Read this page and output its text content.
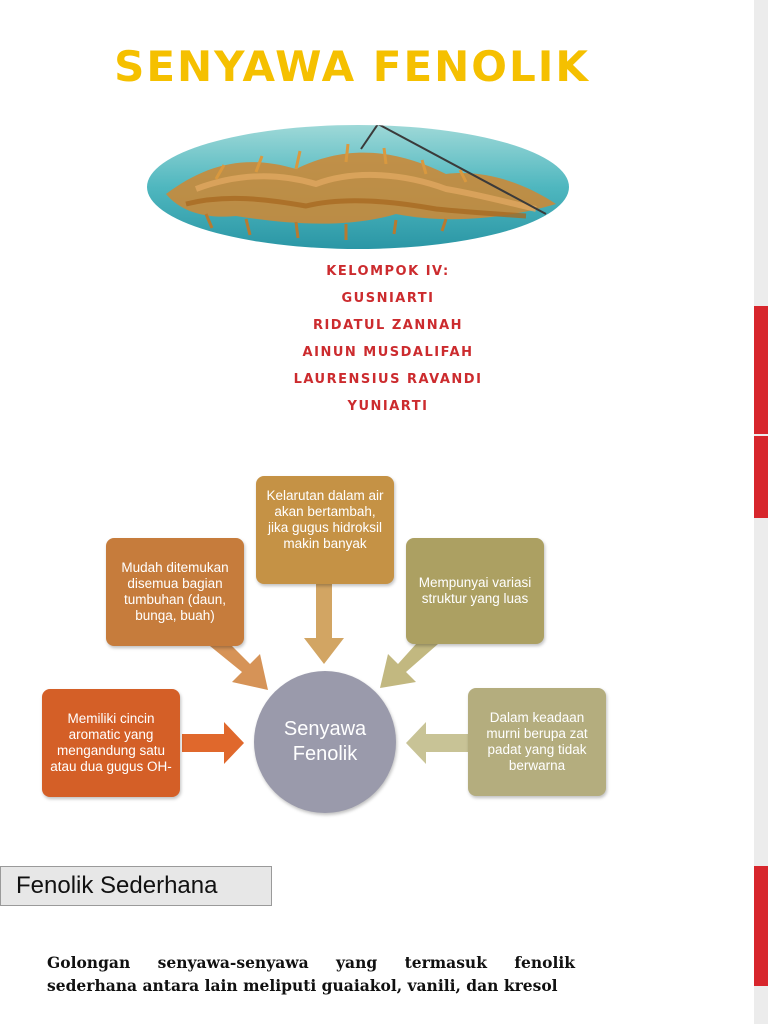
SENYAWA FENOLIK
KELOMPOK IV:
GUSNIARTI
RIDATUL ZANNAH
AINUN MUSDALIFAH
LAURENSIUS RAVANDI
YUNIARTI
Kelarutan dalam air akan bertambah, jika gugus hidroksil makin banyak
Mudah ditemukan disemua bagian tumbuhan (daun, bunga, buah)
Mempunyai variasi struktur yang luas
Memiliki cincin aromatic yang mengandung satu atau dua gugus OH-
Dalam keadaan murni berupa zat padat yang tidak berwarna
Senyawa Fenolik
Fenolik Sederhana

Golongan senyawa-senyawa yang termasuk fenolik sederhana antara lain meliputi guaiakol, vanili, dan kresol
